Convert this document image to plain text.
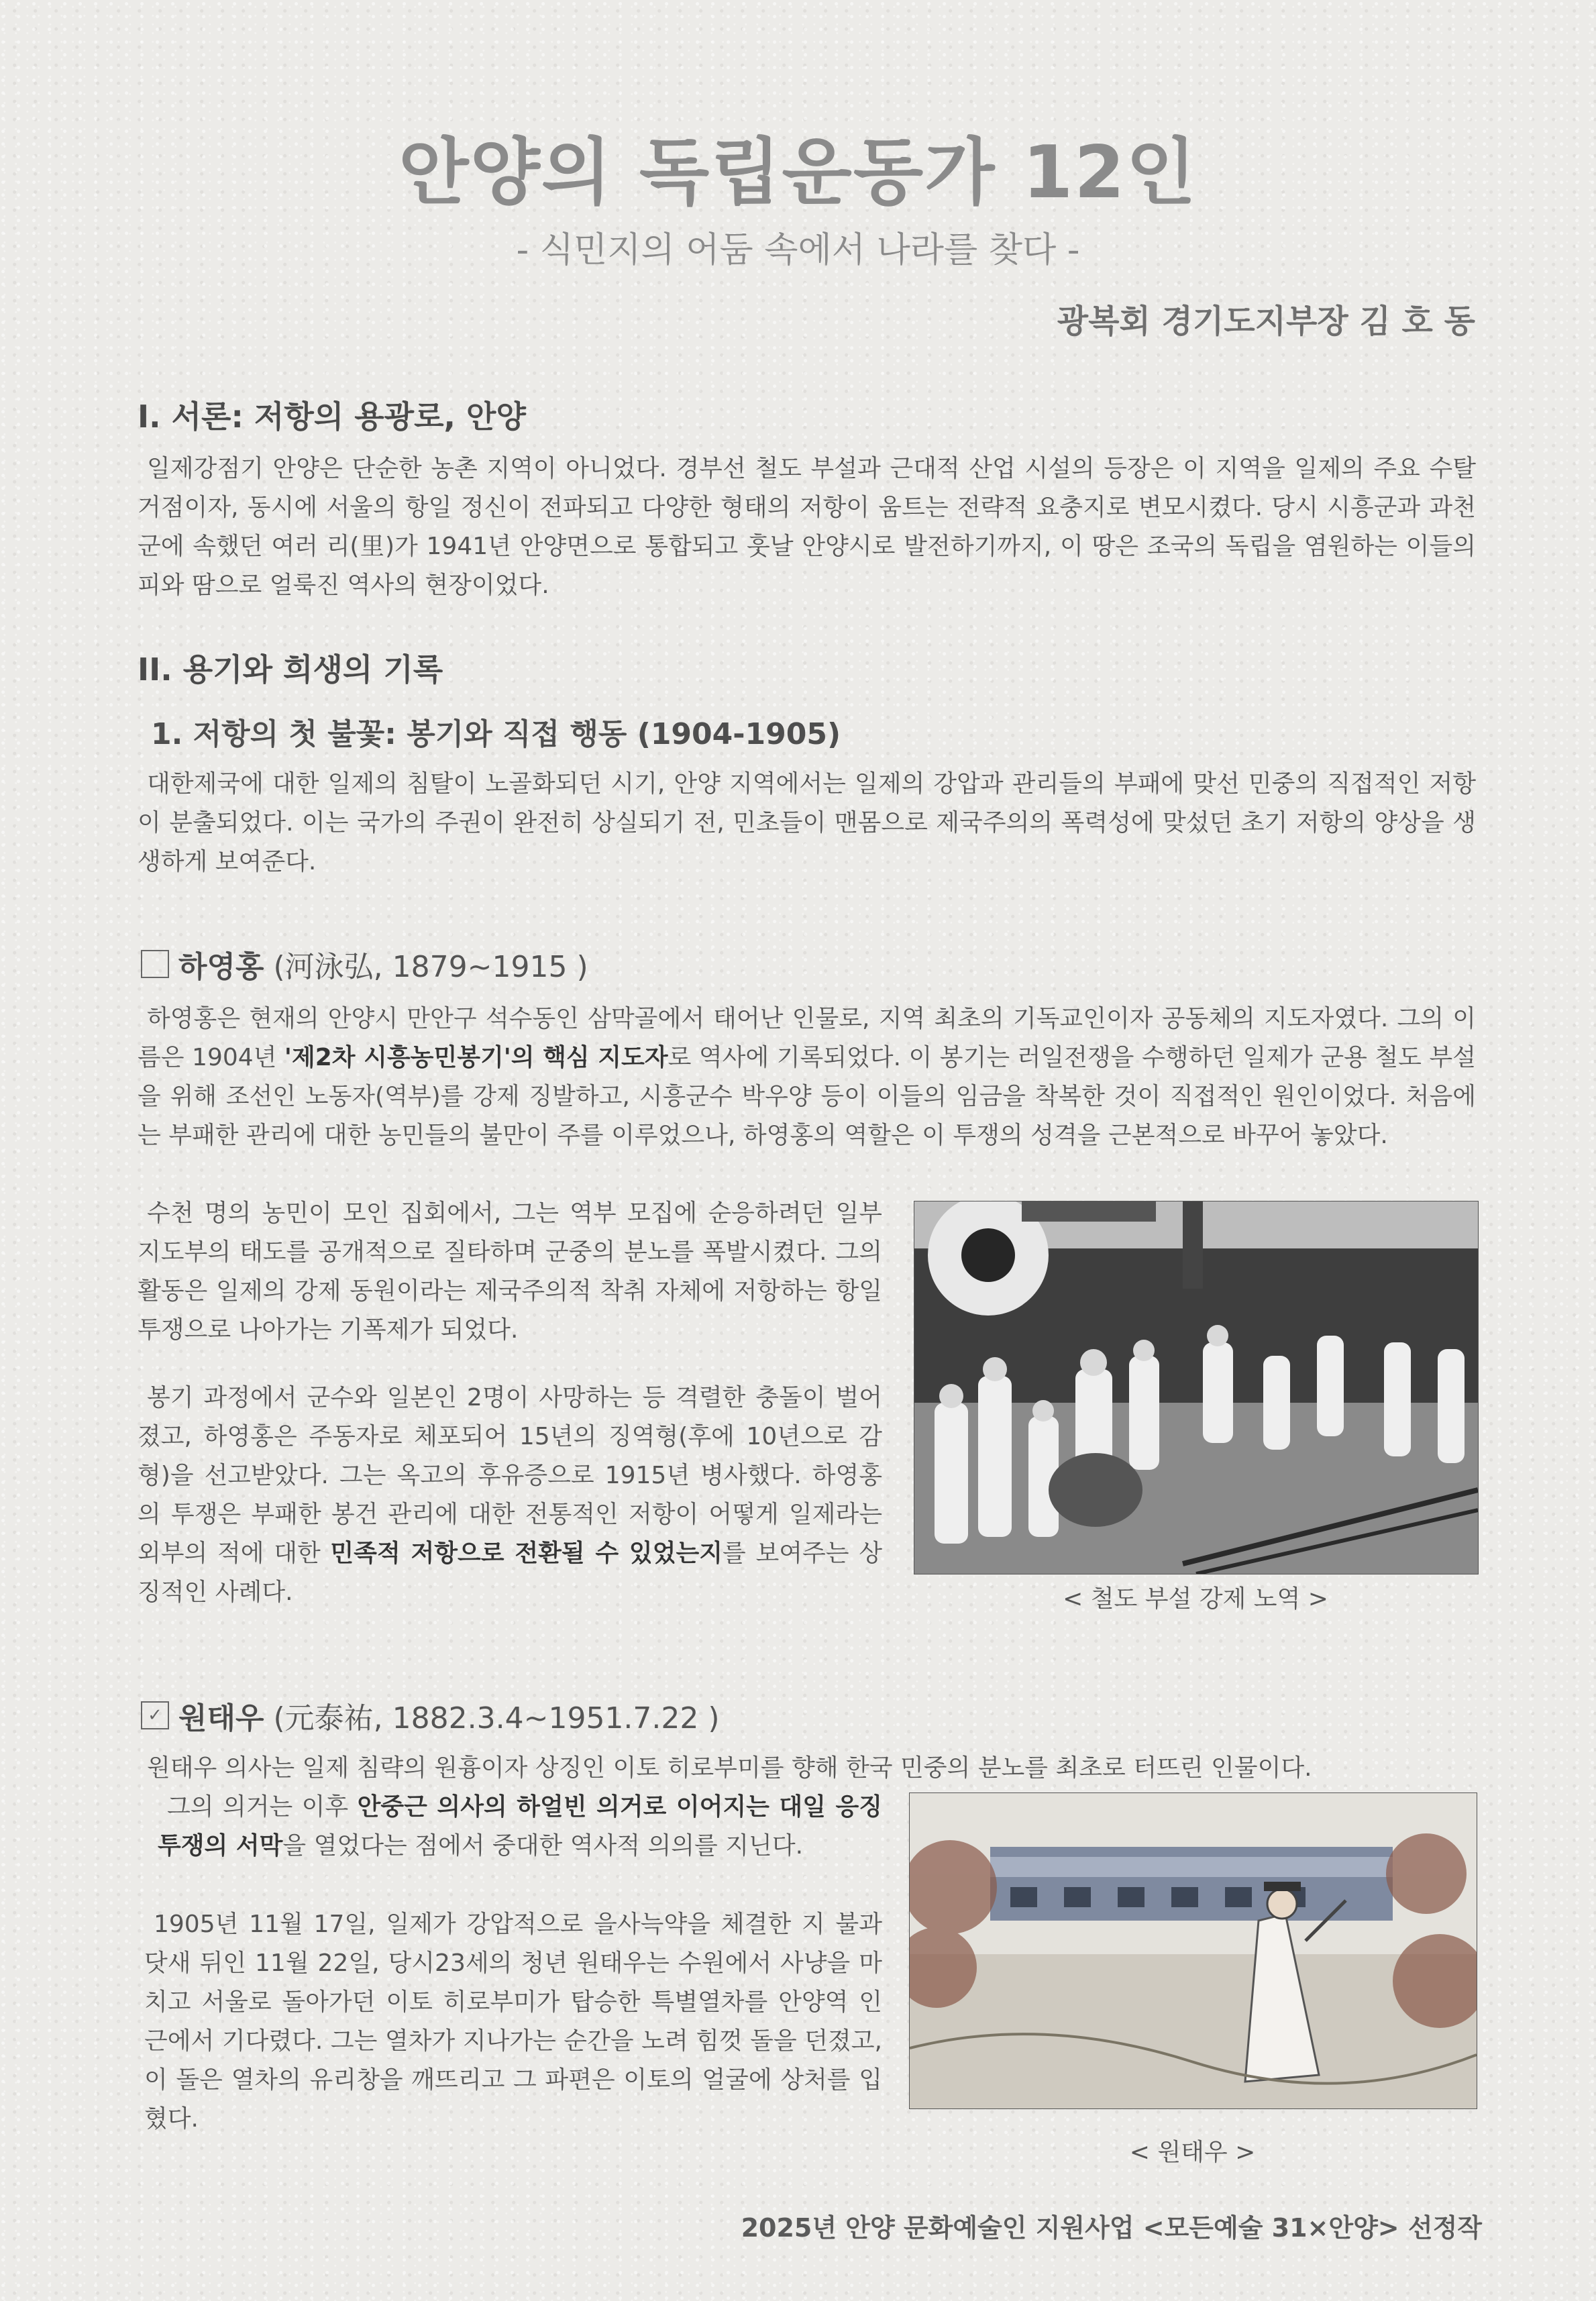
안양의 독립운동가 12인
- 식민지의 어둠 속에서 나라를 찾다 -
광복회 경기도지부장 김 호 동
I. 서론: 저항의 용광로, 안양
일제강점기 안양은 단순한 농촌 지역이 아니었다. 경부선 철도 부설과 근대적 산업 시설의 등장은 이 지역을 일제의 주요 수탈 거점이자, 동시에 서울의 항일 정신이 전파되고 다양한 형태의 저항이 움트는 전략적 요충지로 변모시켰다. 당시 시흥군과 과천군에 속했던 여러 리(里)가 1941년 안양면으로 통합되고 훗날 안양시로 발전하기까지, 이 땅은 조국의 독립을 염원하는 이들의 피와 땀으로 얼룩진 역사의 현장이었다.
II. 용기와 희생의 기록
1. 저항의 첫 불꽃: 봉기와 직접 행동 (1904-1905)
대한제국에 대한 일제의 침탈이 노골화되던 시기, 안양 지역에서는 일제의 강압과 관리들의 부패에 맞선 민중의 직접적인 저항이 분출되었다. 이는 국가의 주권이 완전히 상실되기 전, 민초들이 맨몸으로 제국주의의 폭력성에 맞섰던 초기 저항의 양상을 생생하게 보여준다.
하영홍 (河泳弘, 1879~1915 )
하영홍은 현재의 안양시 만안구 석수동인 삼막골에서 태어난 인물로, 지역 최초의 기독교인이자 공동체의 지도자였다. 그의 이름은 1904년 '제2차 시흥농민봉기'의 핵심 지도자로 역사에 기록되었다. 이 봉기는 러일전쟁을 수행하던 일제가 군용 철도 부설을 위해 조선인 노동자(역부)를 강제 징발하고, 시흥군수 박우양 등이 이들의 임금을 착복한 것이 직접적인 원인이었다. 처음에는 부패한 관리에 대한 농민들의 불만이 주를 이루었으나, 하영홍의 역할은 이 투쟁의 성격을 근본적으로 바꾸어 놓았다.
수천 명의 농민이 모인 집회에서, 그는 역부 모집에 순응하려던 일부 지도부의 태도를 공개적으로 질타하며 군중의 분노를 폭발시켰다. 그의 활동은 일제의 강제 동원이라는 제국주의적 착취 자체에 저항하는 항일 투쟁으로 나아가는 기폭제가 되었다.
봉기 과정에서 군수와 일본인 2명이 사망하는 등 격렬한 충돌이 벌어졌고, 하영홍은 주동자로 체포되어 15년의 징역형(후에 10년으로 감형)을 선고받았다. 그는 옥고의 후유증으로 1915년 병사했다. 하영홍의 투쟁은 부패한 봉건 관리에 대한 전통적인 저항이 어떻게 일제라는 외부의 적에 대한 민족적 저항으로 전환될 수 있었는지를 보여주는 상징적인 사례다.	< 철도 부설 강제 노역 >
✓ 원태우 (元泰祐, 1882.3.4~1951.7.22 )
원태우 의사는 일제 침략의 원흉이자 상징인 이토 히로부미를 향해 한국 민중의 분노를 최초로 터뜨린 인물이다.
그의 의거는 이후 안중근 의사의 하얼빈 의거로 이어지는 대일 응징 투쟁의 서막을 열었다는 점에서 중대한 역사적 의의를 지닌다.
1905년 11월 17일, 일제가 강압적으로 을사늑약을 체결한 지 불과 닷새 뒤인 11월 22일, 당시23세의 청년 원태우는 수원에서 사냥을 마치고 서울로 돌아가던 이토 히로부미가 탑승한 특별열차를 안양역 인근에서 기다렸다. 그는 열차가 지나가는 순간을 노려 힘껏 돌을 던졌고, 이 돌은 열차의 유리창을 깨뜨리고 그 파편은 이토의 얼굴에 상처를 입혔다.
< 원태우 >
2025년 안양 문화예술인 지원사업 <모든예술 31×안양> 선정작
